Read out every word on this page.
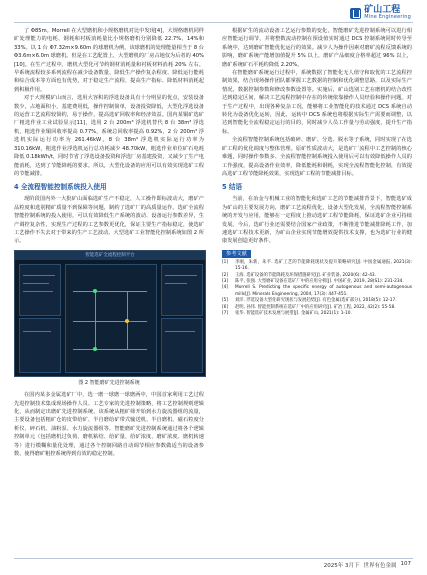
矿山工程
Mine Engineering

了 Φ85m。Morrell 在大型磨机和小规格磨机对比中发现[4]，大规格磨机同样矿处理能力的电耗、钢耗和衬板消耗量比小规格磨机分别降低 22.7%、14%和33%。以 1 台 Φ7.32m×9.60m 的球磨机为例，该球磨机的处理能量相当于 8 台 Φ3.6m×6.0m 球磨机。但是在工艺配置上，大型磨机的厂房占地仅为后者的 40%[10]。在生产过程中，磨机大型化可节约钢材消耗量和衬板材料消耗 20% 左右。早系统流程较多系列流程在减少设备数量、降低生产操作复杂程度、降低运行能耗和综合成本等方面也有优势，对于稳定生产流程、提高生产指标、降低材料消耗起到积极作用。

对于大规模矿山而言，选用大容积的浮选设备具有十分明显的优点，安装设备数少，占地面积小，基建费用低，操作控制简单，设备投资降低，大型化浮选设备的运营工艺流程较简约，易于操作，提高选矿回收率和经济效益。国内某铜矿选矿厂粗选作业工业试验显示[11]，选用 2 台 200m³ 浮选机替代 8 台 38m³ 浮选机，粗选作业铜回收率提高 0.77%，系统总回收率提高 0.92%，2 台 200m³ 浮选机实际运行功率为 261.46kW，8 台 38m³ 浮选机实际运行功率为 310.16kW，粗选作业浮选机运行总功耗减少 48.70kW，粗选作业单位矿石电耗降低 0.18kWh/t，同时节省了浮选设备投资和浮选厂房基建投资，又减少了生产电能消耗，达到了节能降耗的要求。所以，大型化设备的应用可以有效实现选矿工程的节能减排。

4 全流程智能控制系统投入使用

现阶段国内外一大批矿山面临选矿生产不稳定，人工操作即标波动大，磨矿产品粒度和选别精矿质量不到保障等问题，制约了选矿厂的高质量运作。选矿全流程智能控制系统的投入使用，可以有效降低生产系统的波动、设备运行参数差异，生产调控复杂性，实现生产过程的工艺参数更优化，保证主要生产指标稳定，使选矿工艺操作不失去对于带来的生产工艺波动。大型选矿工业智能化控制系统如图 2 所示。

智能选矿全流程控制平台
图 2 智能磨矿先进控制系统

在国内某多金属选矿厂中，选一磨一球磨一球磨两中，中国首家利用工艺过程先进控制技术集成现场操作人员、工艺专家的先进控制策略，将工艺控制规则逻辑化，从而制定出磨矿先进控制系统，该系统从粗矿筛开始到水力旋流器组的流量，主要设备包括粗矿仓的皮带给矿、半自磨给矿带式输送机、半自磨机、磁石粒度分析仪、碎石机、油粉泵、水力旋流器组等。智能磨矿先进控制系统通过将各个逻辑控制单元（包括磨机过负荷、磨机粘结、给矿量、给矿浓度、磨矿浓度、磨机转速等）进行模糊和量化处理，通过各个控制回路自动调节相应参数做适当的设备参数，使得磨矿粗控系统得到有效的稳定控制。

根据矿生的流动设备工艺运行参数的变化，智能磨矿先进控制系统可以进行相应智能运行调节，并将整数流动控制在预设值实时通过 DCS 控制系统同时传导至系统中，达到磨矿智能优化运行的效果。减少人为操作因素对磨矿流程反馈系统的影响，磨矿系统产能增加值提升 5% 以上，磨矿产品细度合格率超过 96% 以上，磨矿系统矿石平耗约降低 2.20%。

在智能磨矿系统运行过程中，系统数据了智能化无人值守和取优的工艺流程控制效果，结合现场操作团队都掌握工艺数据的控制和优化调整思路，以及实际生产情况，数据控制参数和修改参数设置等。实施后，矿山选别工艺在磨机的结合改性达到稳定区间，解决工艺流程控制中存在的传统依靠操作人员经验和操作问题。对于生产过程中，出现各种复杂工况，能够将工业智能化的技术通过 DCS 系统自动转化为设备优化运转，因此，运转中 DCS 系统也将根据实际生产需要而调整，以达到智能化全流程稳定运行的目的，同时减少人员工作量与劳动强度，提升生产指标。

全流程智能控制系统包括破碎、磨矿、分选、脱水等子系统，同时实现了在选矿工程的优化调度与整体管理。原矿性质波动大，是选矿厂流程中工艺控制的核心难题，同时操作参数多、全流程智能控制系统投入使用后可以有效降低操作人员的工作强度，提高设备作业效率，降低能耗和钢耗，实现全流程智能化控制，有效提高选矿工程节能降耗效果，实现选矿工程的节能减排目标。

5 结语

当前，在冶金与机械工业的智能化和选矿工艺的节能减排背景下，智能选矿成为矿山的主要发展方向，磨矿工艺流程优化，设备大型化发展，全流程智能控制系统的开发与应用，能够在一定程度上推动选矿工程节能降耗，保证选矿企业可持续发展。今后，选矿行业还需要结合国家产业政策，不断推进节能减排降耗工作，加速选矿工程技术更新，为矿山企业实现节能增效提供技术支撑，也为选矿行业的健康发展创造更好条件。

参考文献
[1]	李刚，朱新，朱平. 选矿工艺的节能降耗现状及提升策略研究[J]. 中国金属通报, 2021(3): 15-16.
[2]	王海. 选矿设备的节能降耗及环保措施研究[J]. 矿业装备, 2020(6): 42-43.
[3]	陈平, 张强. 大型磨矿设备在选矿厂中的应用分析[J]. 中国矿业, 2019, 28(S1): 231-234.
[4]	Morrell S. Predicting the specific energy of autogenous and semi-autogenous mills[J]. Minerals Engineering, 2004, 17(3): 447-451.
[5]	刘洋. 浮选设备大型化研究现状与发展趋势[J]. 有色金属(选矿部分), 2018(5): 12-17.
[6]	赵明, 孙伟. 智能控制系统在选矿厂中的应用研究[J]. 矿冶工程, 2022, 42(2): 55-58.
[7]	张华. 智能选矿技术发展与展望[J]. 金属矿山, 2021(1): 1-10.
2025年 3月下 世界有色金属 107
